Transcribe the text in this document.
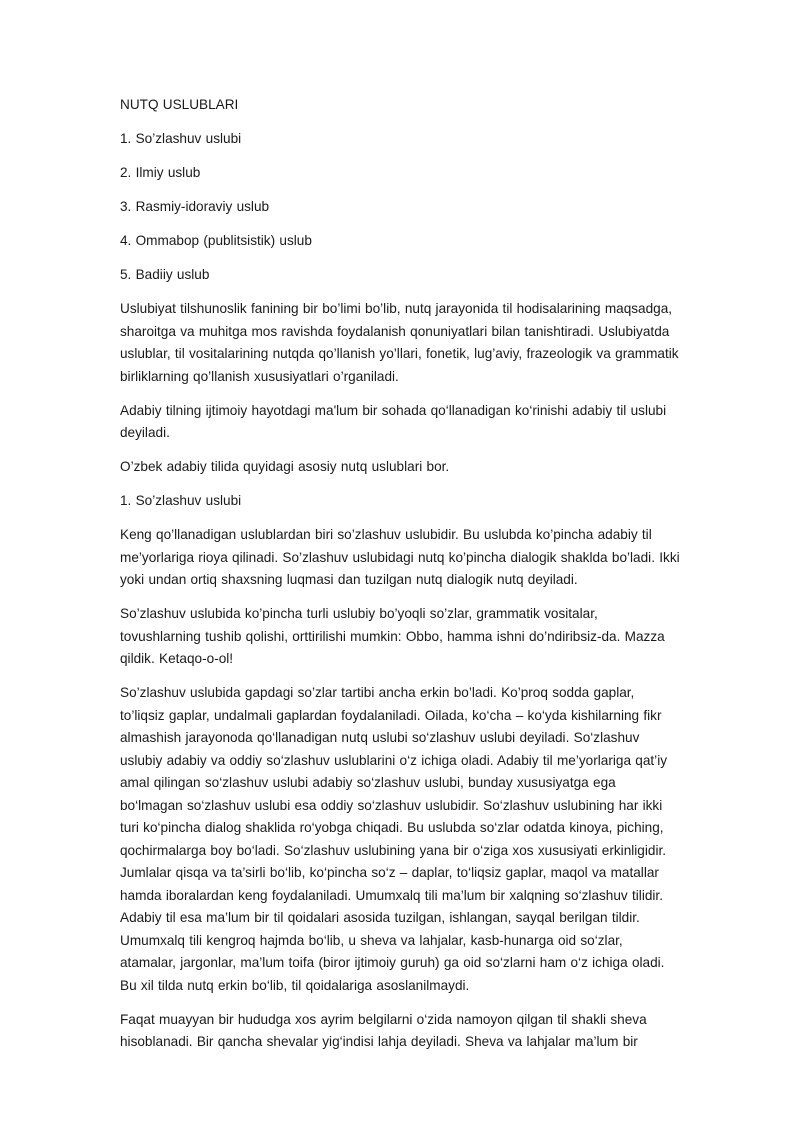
NUTQ USLUBLARI

1. So’zlashuv uslubi

2. Ilmiy uslub

3. Rasmiy-idoraviy uslub

4. Ommabop (publitsistik) uslub

5. Badiiy uslub

Uslubiyat tilshunoslik fanining bir bo’limi bo’lib, nutq jarayonida til hodisalarining maqsadga, sharoitga va muhitga mos ravishda foydalanish qonuniyatlari bilan tanishtiradi. Uslubiyatda uslublar, til vositalarining nutqda qo’llanish yo’llari, fonetik, lug’aviy, frazeologik va grammatik birliklarning qo’llanish xususiyatlari o’rganiladi.

Adabiy tilning ijtimoiy hayotdagi ma'lum bir sohada qo‘llanadigan ko‘rinishi adabiy til uslubi deyiladi.

O’zbek adabiy tilida quyidagi asosiy nutq uslublari bor.

1. So’zlashuv uslubi

Keng qo’llanadigan uslublardan biri so’zlashuv uslubidir. Bu uslubda ko’pincha adabiy til me’yorlariga rioya qilinadi. So’zlashuv uslubidagi nutq ko’pincha dialogik shaklda bo’ladi. Ikki yoki undan ortiq shaxsning luqmasi dan tuzilgan nutq dialogik nutq deyiladi.

So’zlashuv uslubida ko’pincha turli uslubiy bo’yoqli so’zlar, grammatik vositalar, tovushlarning tushib qolishi, orttirilishi mumkin: Obbo, hamma ishni do’ndiribsiz-da. Mazza qildik. Ketaqo-o-ol!

So’zlashuv uslubida gapdagi so’zlar tartibi ancha erkin bo’ladi. Ko’proq sodda gaplar, to’liqsiz gaplar, undalmali gaplardan foydalaniladi. Oilada, ko‘cha – ko‘yda kishilarning fikr almashish jarayonoda qo‘llanadigan nutq uslubi so‘zlashuv uslubi deyiladi. So‘zlashuv uslubiy adabiy va oddiy so‘zlashuv uslublarini o‘z ichiga oladi. Adabiy til me’yorlariga qat’iy amal qilingan so‘zlashuv uslubi adabiy so‘zlashuv uslubi, bunday xususiyatga ega bo‘lmagan so‘zlashuv uslubi esa oddiy so‘zlashuv uslubidir. So‘zlashuv uslubining har ikki turi ko‘pincha dialog shaklida ro‘yobga chiqadi. Bu uslubda so‘zlar odatda kinoya, piching, qochirmalarga boy bo‘ladi. So‘zlashuv uslubining yana bir o‘ziga xos xususiyati erkinligidir. Jumlalar qisqa va ta’sirli bo‘lib, ko‘pincha so‘z – daplar, to‘liqsiz gaplar, maqol va matallar hamda iboralardan keng foydalaniladi. Umumxalq tili ma’lum bir xalqning so‘zlashuv tilidir. Adabiy til esa ma’lum bir til qoidalari asosida tuzilgan, ishlangan, sayqal berilgan tildir. Umumxalq tili kengroq hajmda bo‘lib, u sheva va lahjalar, kasb-hunarga oid so‘zlar, atamalar, jargonlar, ma’lum toifa (biror ijtimoiy guruh) ga oid so‘zlarni ham o‘z ichiga oladi. Bu xil tilda nutq erkin bo‘lib, til qoidalariga asoslanilmaydi.

Faqat muayyan bir hududga xos ayrim belgilarni o‘zida namoyon qilgan til shakli sheva hisoblanadi. Bir qancha shevalar yig‘indisi lahja deyiladi. Sheva va lahjalar ma’lum bir
